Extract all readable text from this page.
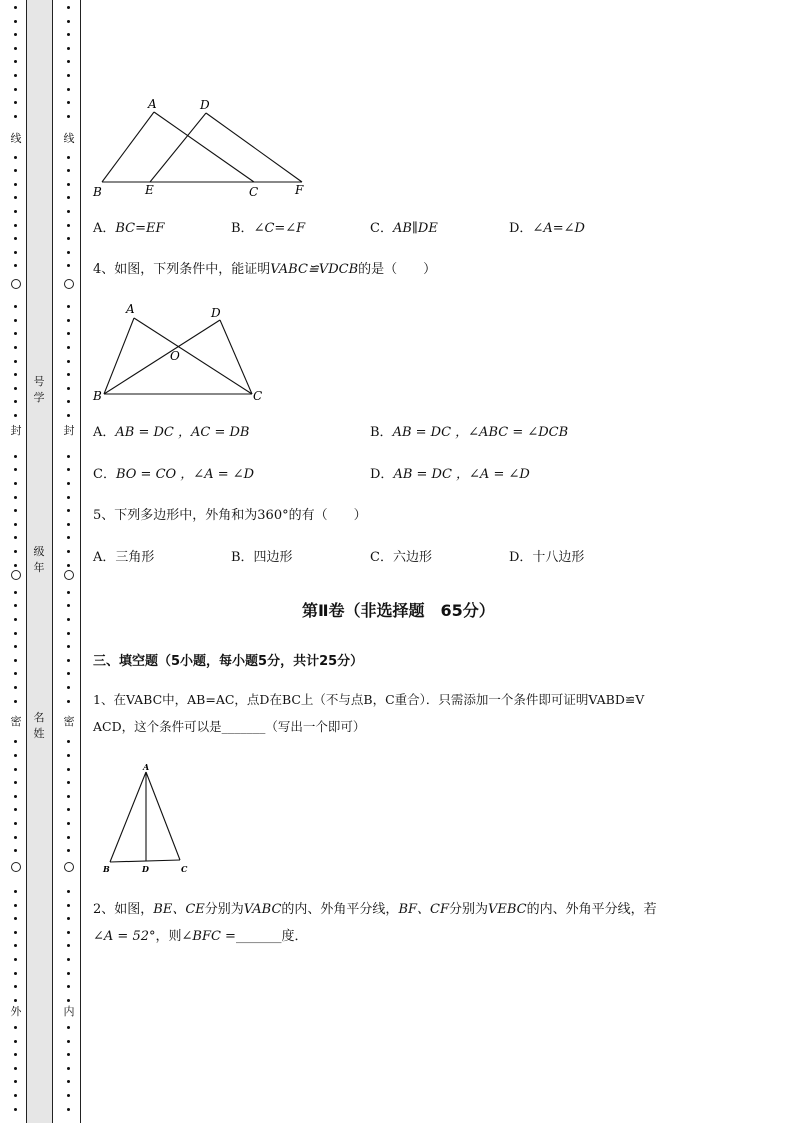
线
封
密
外
线
封
密
内
号
学
级
年
名
姓
A	D
B	E	C	F
A．BC=EF	B．∠C=∠F	C．AB∥DE	D．∠A=∠D
4、如图，下列条件中，能证明VABC≌VDCB的是（　　）
A	D
O
B	C
A．AB = DC ，AC = DB	B．AB = DC ，∠ABC = ∠DCB
C．BO = CO ，∠A = ∠D	D．AB = DC ，∠A = ∠D
5、下列多边形中，外角和为360°的有（　　）
A．三角形	B．四边形	C．六边形	D．十八边形
第Ⅱ卷（非选择题　65分）
三、填空题（5小题，每小题5分，共计25分）
1、在VABC中，AB=AC，点D在BC上（不与点B，C重合）．只需添加一个条件即可证明VABD≌V
ACD，这个条件可以是_______（写出一个即可）
A
B	D	C
2、如图，BE、CE分别为VABC的内、外角平分线，BF、CF分别为VEBC的内、外角平分线，若
∠A = 52°，则∠BFC =_______度．
